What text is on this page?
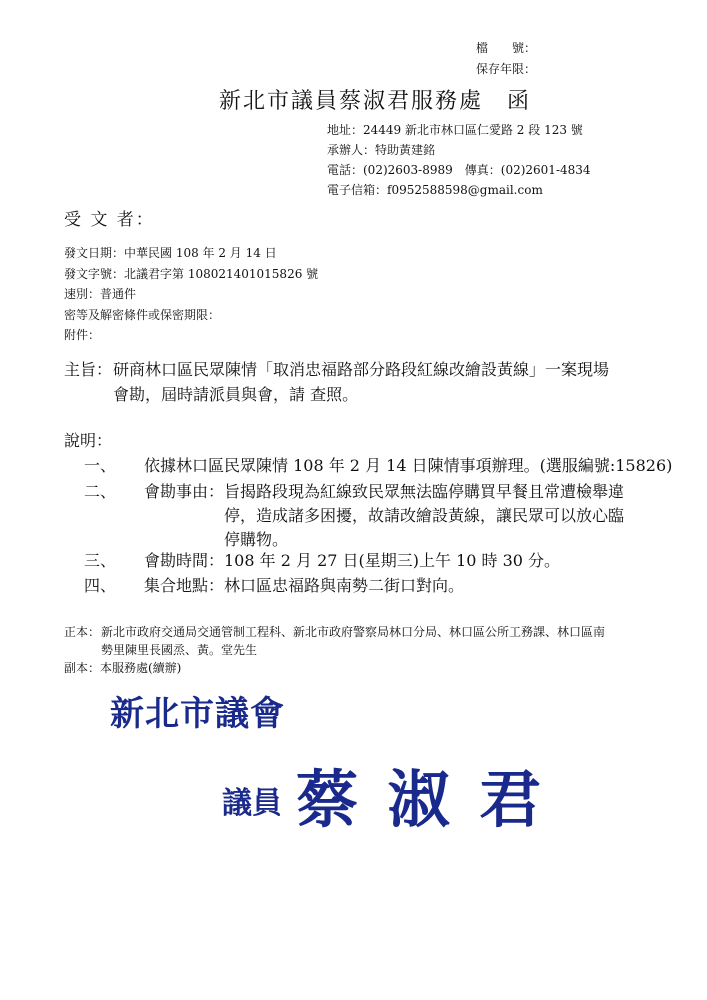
檔　　號：
保存年限：
新北市議員蔡淑君服務處　函
地址：24449 新北市林口區仁愛路 2 段 123 號
承辦人：特助黃建銘
電話：(02)2603-8989　傳真：(02)2601-4834
電子信箱：f0952588598@gmail.com
受 文 者：
發文日期：中華民國 108 年 2 月 14 日
發文字號：北議君字第 108021401015826 號
速別：普通件
密等及解密條件或保密期限：
附件：
主旨： 研商林口區民眾陳情「取消忠福路部分路段紅線改繪設黃線」一案現場
會勘，屆時請派員與會，請 查照。
說明：
一、	依據林口區民眾陳情 108 年 2 月 14 日陳情事項辦理。(選服編號:15826)
二、	會勘事由： 旨揭路段現為紅線致民眾無法臨停購買早餐且常遭檢舉違
停，造成諸多困擾，故請改繪設黃線，讓民眾可以放心臨
停購物。
三、	會勘時間： 108 年 2 月 27 日(星期三)上午 10 時 30 分。
四、	集合地點： 林口區忠福路與南勢二街口對向。
正本： 新北市政府交通局交通管制工程科、新北市政府警察局林口分局、林口區公所工務課、林口區南
勢里陳里長國烝、黃。堂先生
副本：本服務處(續辦)
新北市議會
議員 蔡 淑 君
